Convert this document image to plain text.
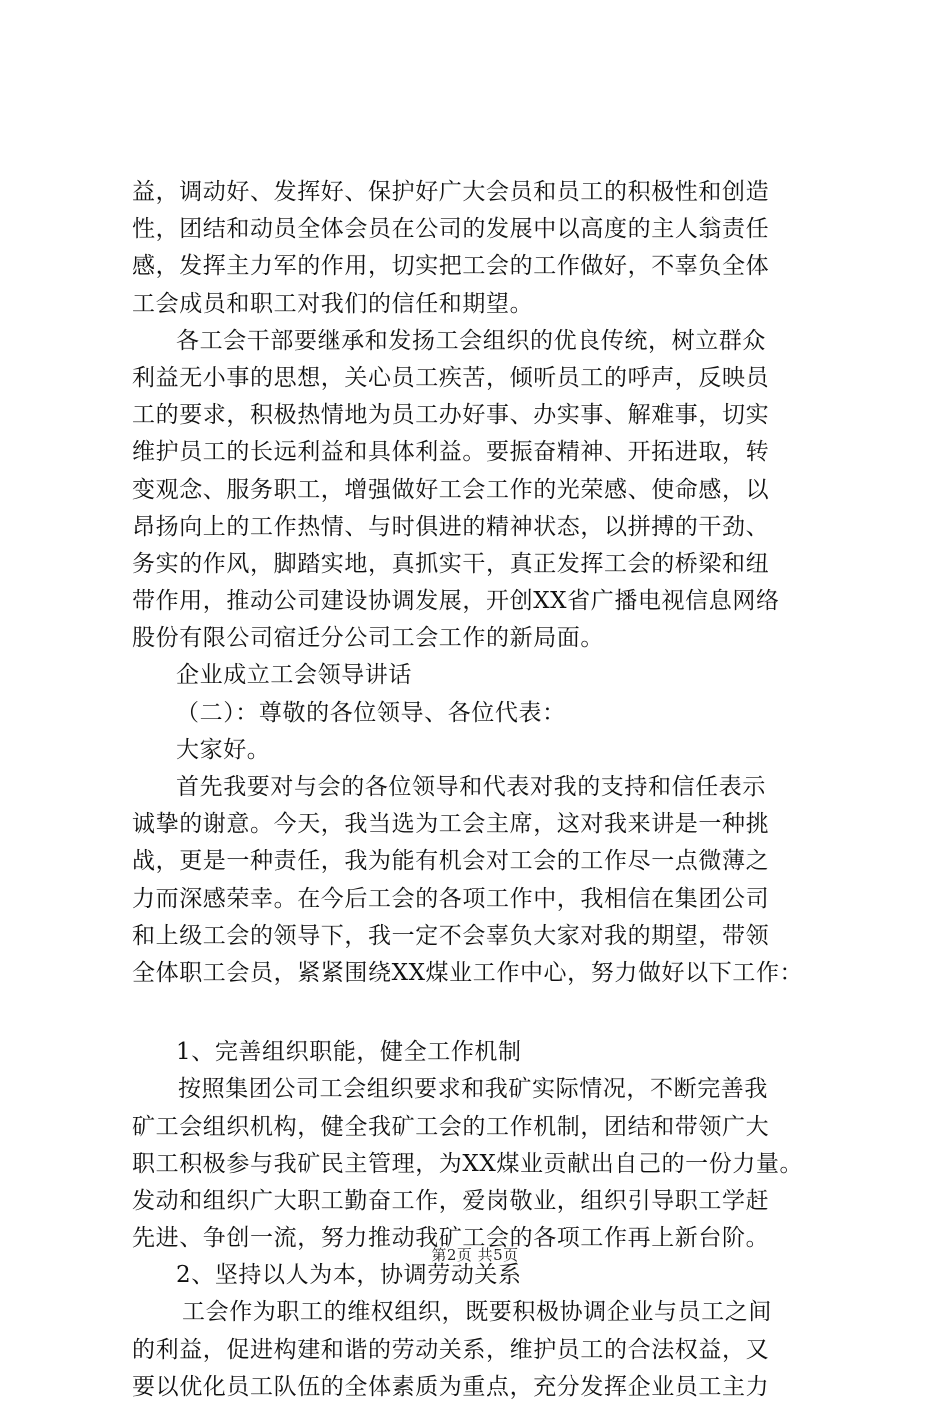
益，调动好、发挥好、保护好广大会员和员工的积极性和创造
性，团结和动员全体会员在公司的发展中以高度的主人翁责任
感，发挥主力军的作用，切实把工会的工作做好，不辜负全体
工会成员和职工对我们的信任和期望。
各工会干部要继承和发扬工会组织的优良传统，树立群众
利益无小事的思想，关心员工疾苦，倾听员工的呼声，反映员
工的要求，积极热情地为员工办好事、办实事、解难事，切实
维护员工的长远利益和具体利益。要振奋精神、开拓进取，转
变观念、服务职工，增强做好工会工作的光荣感、使命感，以
昂扬向上的工作热情、与时俱进的精神状态，以拼搏的干劲、
务实的作风，脚踏实地，真抓实干，真正发挥工会的桥梁和纽
带作用，推动公司建设协调发展，开创XX省广播电视信息网络
股份有限公司宿迁分公司工会工作的新局面。
企业成立工会领导讲话
（二）：尊敬的各位领导、各位代表：
大家好。
首先我要对与会的各位领导和代表对我的支持和信任表示
诚挚的谢意。今天，我当选为工会主席，这对我来讲是一种挑
战，更是一种责任，我为能有机会对工会的工作尽一点微薄之
力而深感荣幸。在今后工会的各项工作中，我相信在集团公司
和上级工会的领导下，我一定不会辜负大家对我的期望，带领
全体职工会员，紧紧围绕XX煤业工作中心，努力做好以下工作：
1、完善组织职能，健全工作机制
按照集团公司工会组织要求和我矿实际情况，不断完善我
矿工会组织机构，健全我矿工会的工作机制，团结和带领广大
职工积极参与我矿民主管理，为XX煤业贡献出自己的一份力量。
发动和组织广大职工勤奋工作，爱岗敬业，组织引导职工学赶
先进、争创一流，努力推动我矿工会的各项工作再上新台阶。
2、坚持以人为本，协调劳动关系
工会作为职工的维权组织，既要积极协调企业与员工之间
的利益，促进构建和谐的劳动关系，维护员工的合法权益，又
要以优化员工队伍的全体素质为重点，充分发挥企业员工主力
第2页 共5页
